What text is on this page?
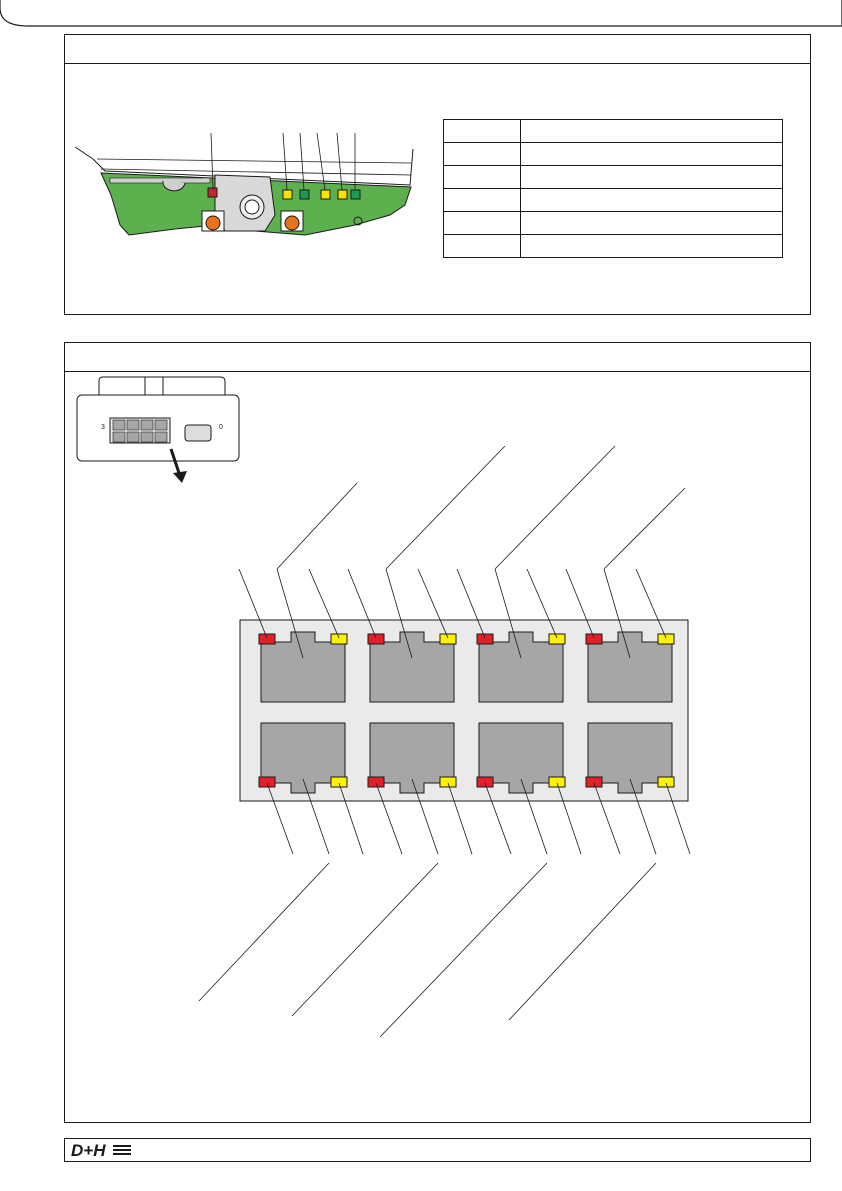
3	0
D+H
